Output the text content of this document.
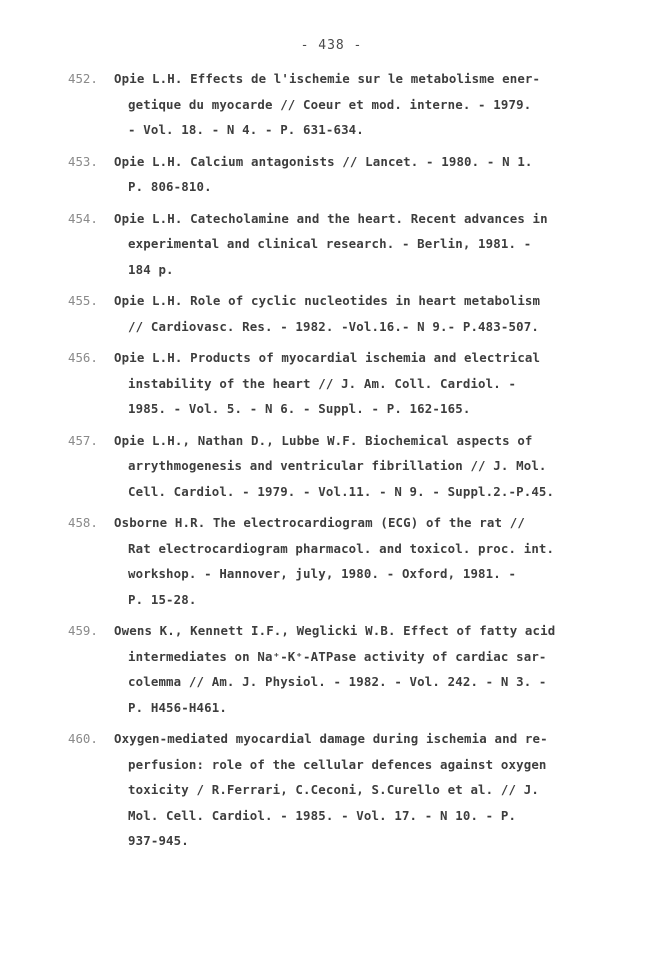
- 438 -
452.	Opie L.H. Effects de l'ischemie sur le metabolisme ener-
getique du myocarde // Coeur et mod. interne. - 1979.
- Vol. 18. - N 4. - P. 631-634.
453.	Opie L.H. Calcium antagonists // Lancet. - 1980. - N 1.
P. 806-810.
454.	Opie L.H. Catecholamine and the heart. Recent advances in
experimental and clinical research. - Berlin, 1981. -
184 p.
455.	Opie L.H. Role of cyclic nucleotides in heart metabolism
// Cardiovasc. Res. - 1982. -Vol.16.- N 9.- P.483-507.
456.	Opie L.H. Products of myocardial ischemia and electrical
instability of the heart // J. Am. Coll. Cardiol. -
1985. - Vol. 5. - N 6. - Suppl. - P. 162-165.
457.	Opie L.H., Nathan D., Lubbe W.F. Biochemical aspects of
arrythmogenesis and ventricular fibrillation // J. Mol.
Cell. Cardiol. - 1979. - Vol.11. - N 9. - Suppl.2.-P.45.
458.	Osborne H.R. The electrocardiogram (ECG) of the rat //
Rat electrocardiogram pharmacol. and toxicol. proc. int.
workshop. - Hannover, july, 1980. - Oxford, 1981. -
P. 15-28.
459.	Owens K., Kennett I.F., Weglicki W.B. Effect of fatty acid
intermediates on Na⁺-K⁺-ATPase activity of cardiac sar-
colemma // Am. J. Physiol. - 1982. - Vol. 242. - N 3. -
P. H456-H461.
460.	Oxygen-mediated myocardial damage during ischemia and re-
perfusion: role of the cellular defences against oxygen
toxicity / R.Ferrari, C.Ceconi, S.Curello et al. // J.
Mol. Cell. Cardiol. - 1985. - Vol. 17. - N 10. - P.
937-945.
